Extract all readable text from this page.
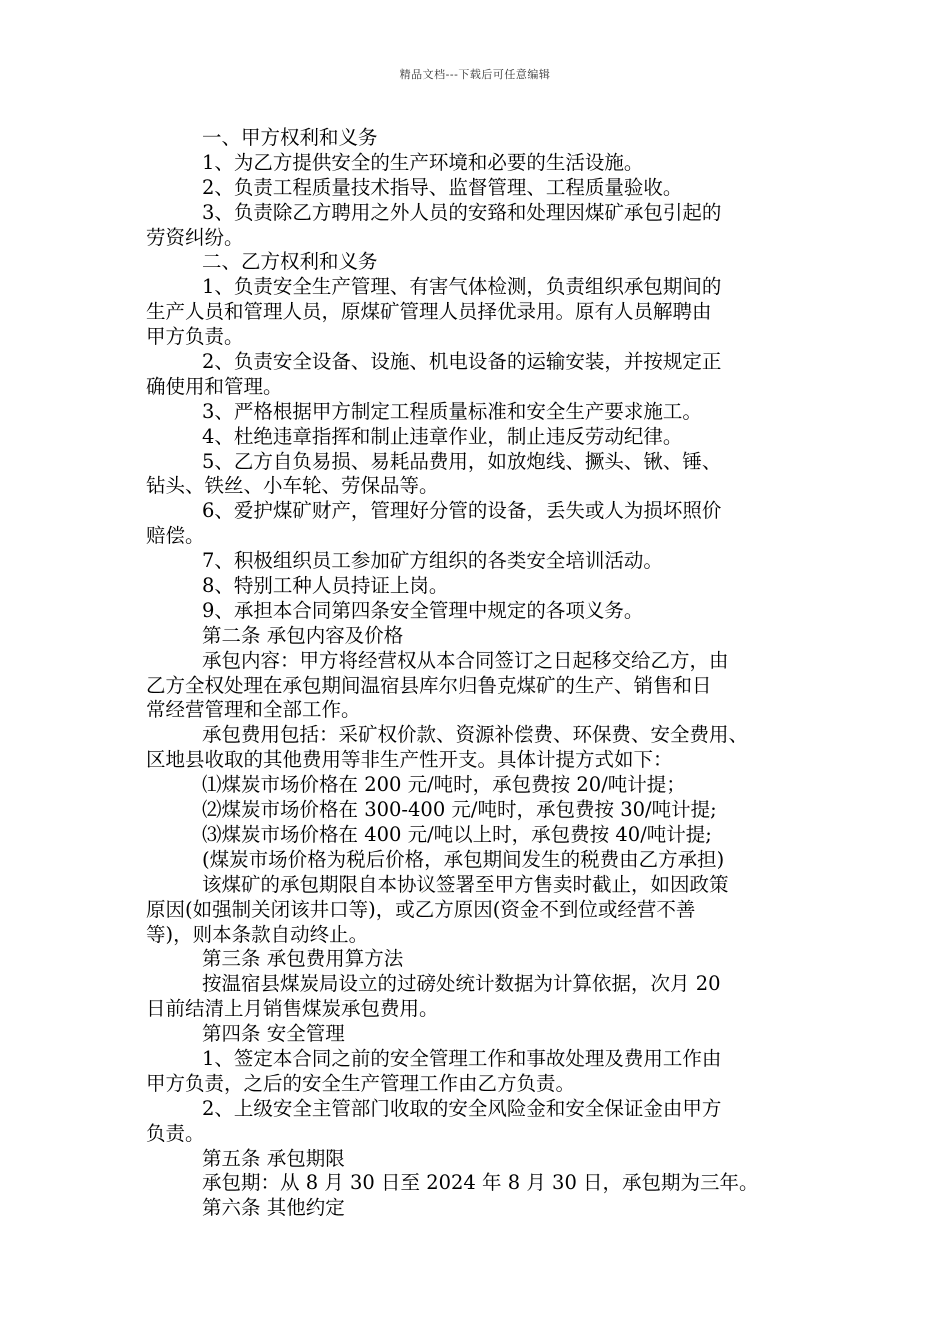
精品文档---下载后可任意编辑
一、甲方权利和义务
1、为乙方提供安全的生产环境和必要的生活设施。
2、负责工程质量技术指导、监督管理、工程质量验收。
3、负责除乙方聘用之外人员的安臵和处理因煤矿承包引起的
劳资纠纷。
二、乙方权利和义务
1、负责安全生产管理、有害气体检测，负责组织承包期间的
生产人员和管理人员，原煤矿管理人员择优录用。原有人员解聘由
甲方负责。
2、负责安全设备、设施、机电设备的运输安装，并按规定正
确使用和管理。
3、严格根据甲方制定工程质量标准和安全生产要求施工。
4、杜绝违章指挥和制止违章作业，制止违反劳动纪律。
5、乙方自负易损、易耗品费用，如放炮线、撅头、锹、锤、
钻头、铁丝、小车轮、劳保品等。
6、爱护煤矿财产，管理好分管的设备，丢失或人为损坏照价
赔偿。
7、积极组织员工参加矿方组织的各类安全培训活动。
8、特别工种人员持证上岗。
9、承担本合同第四条安全管理中规定的各项义务。
第二条 承包内容及价格
承包内容：甲方将经营权从本合同签订之日起移交给乙方，由
乙方全权处理在承包期间温宿县库尔归鲁克煤矿的生产、销售和日
常经营管理和全部工作。
承包费用包括：采矿权价款、资源补偿费、环保费、安全费用、
区地县收取的其他费用等非生产性开支。具体计提方式如下：
⑴煤炭市场价格在 200 元/吨时，承包费按 20/吨计提；
⑵煤炭市场价格在 300-400 元/吨时，承包费按 30/吨计提;
⑶煤炭市场价格在 400 元/吨以上时，承包费按 40/吨计提;
(煤炭市场价格为税后价格，承包期间发生的税费由乙方承担)
该煤矿的承包期限自本协议签署至甲方售卖时截止，如因政策
原因(如强制关闭该井口等)，或乙方原因(资金不到位或经营不善
等)，则本条款自动终止。
第三条 承包费用算方法
按温宿县煤炭局设立的过磅处统计数据为计算依据，次月 20
日前结清上月销售煤炭承包费用。
第四条 安全管理
1、签定本合同之前的安全管理工作和事故处理及费用工作由
甲方负责，之后的安全生产管理工作由乙方负责。
2、上级安全主管部门收取的安全风险金和安全保证金由甲方
负责。
第五条 承包期限
承包期：从 8 月 30 日至 2024 年 8 月 30 日，承包期为三年。
第六条 其他约定
